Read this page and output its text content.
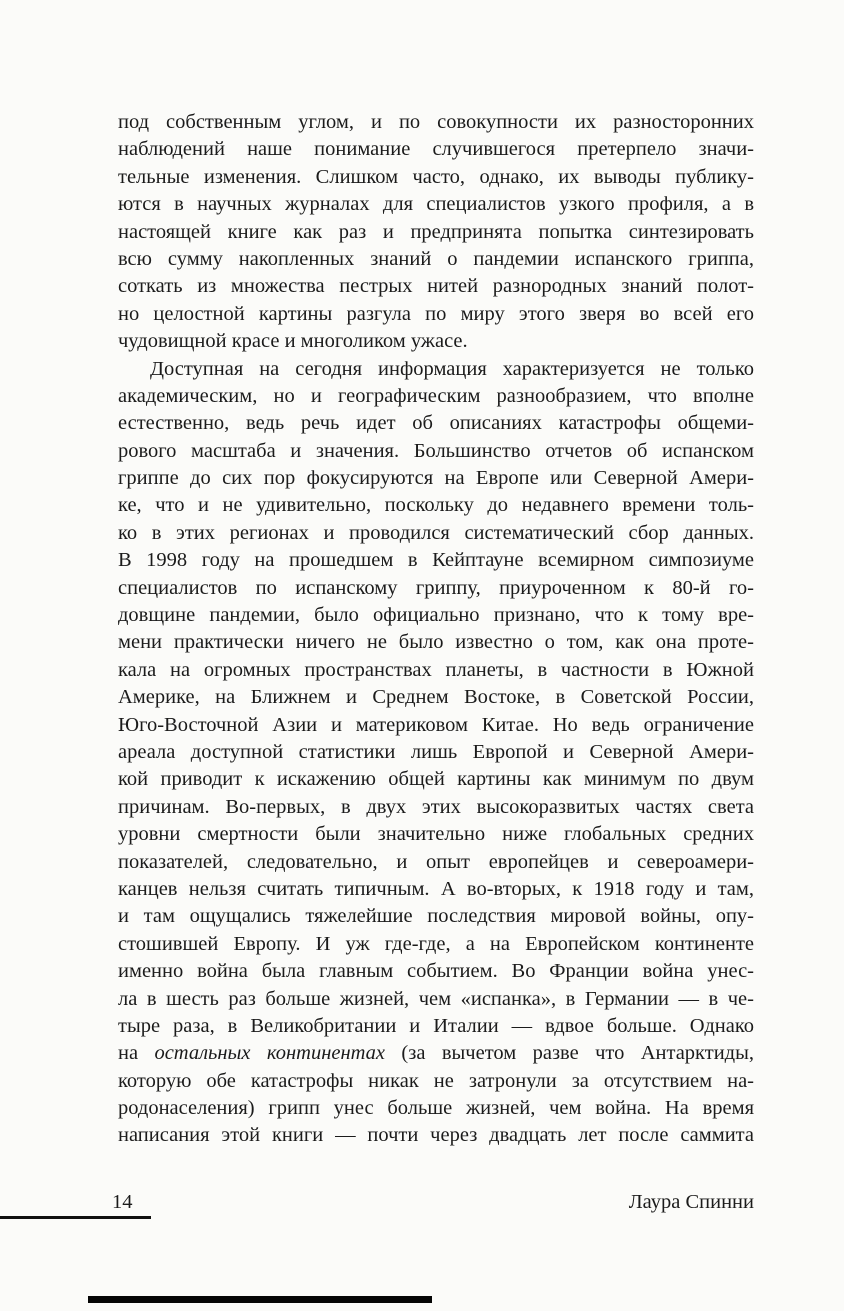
под собственным углом, и по совокупности их разносторонних
наблюдений наше понимание случившегося претерпело значи-
тельные изменения. Слишком часто, однако, их выводы публику-
ются в научных журналах для специалистов узкого профиля, а в
настоящей книге как раз и предпринята попытка синтезировать
всю сумму накопленных знаний о пандемии испанского гриппа,
соткать из множества пестрых нитей разнородных знаний полот-
но целостной картины разгула по миру этого зверя во всей его
чудовищной красе и многоликом ужасе.
Доступная на сегодня информация характеризуется не только
академическим, но и географическим разнообразием, что вполне
естественно, ведь речь идет об описаниях катастрофы общеми-
рового масштаба и значения. Большинство отчетов об испанском
гриппе до сих пор фокусируются на Европе или Северной Амери-
ке, что и не удивительно, поскольку до недавнего времени толь-
ко в этих регионах и проводился систематический сбор данных.
В 1998 году на прошедшем в Кейптауне всемирном симпозиуме
специалистов по испанскому гриппу, приуроченном к 80-й го-
довщине пандемии, было официально признано, что к тому вре-
мени практически ничего не было известно о том, как она проте-
кала на огромных пространствах планеты, в частности в Южной
Америке, на Ближнем и Среднем Востоке, в Советской России,
Юго-Восточной Азии и материковом Китае. Но ведь ограничение
ареала доступной статистики лишь Европой и Северной Амери-
кой приводит к искажению общей картины как минимум по двум
причинам. Во-первых, в двух этих высокоразвитых частях света
уровни смертности были значительно ниже глобальных средних
показателей, следовательно, и опыт европейцев и североамери-
канцев нельзя считать типичным. А во-вторых, к 1918 году и там,
и там ощущались тяжелейшие последствия мировой войны, опу-
стошившей Европу. И уж где-где, а на Европейском континенте
именно война была главным событием. Во Франции война унес-
ла в шесть раз больше жизней, чем «испанка», в Германии — в че-
тыре раза, в Великобритании и Италии — вдвое больше. Однако
на остальных континентах (за вычетом разве что Антарктиды,
которую обе катастрофы никак не затронули за отсутствием на-
родонаселения) грипп унес больше жизней, чем война. На время
написания этой книги — почти через двадцать лет после саммита
14	Лаура Спинни
